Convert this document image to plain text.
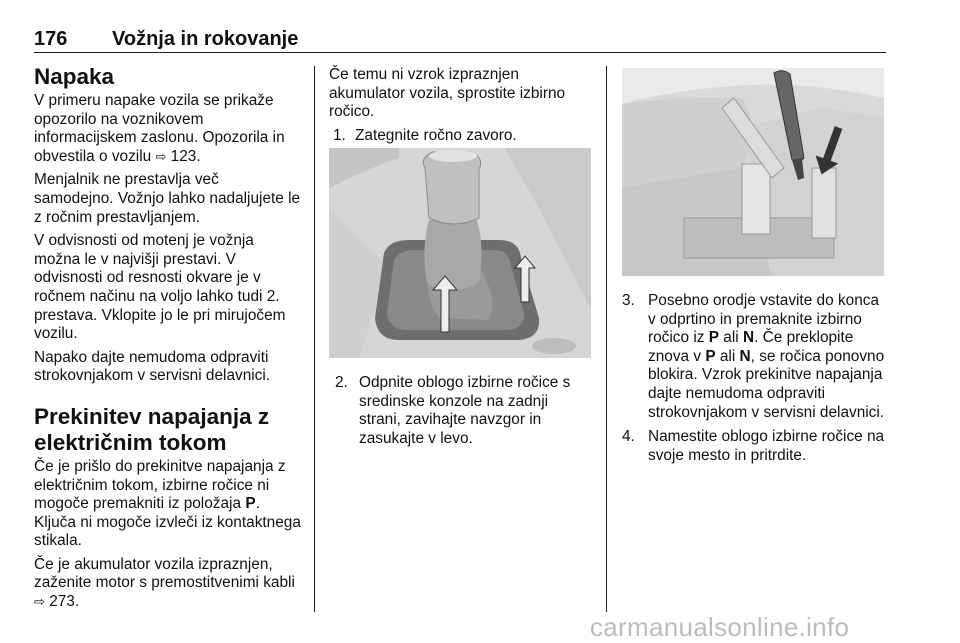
176 Vožnja in rokovanje
Napaka

V primeru napake vozila se prikaže opozorilo na voznikovem informacijskem zaslonu. Opozorila in obvestila o vozilu ⇨ 123.

Menjalnik ne prestavlja več samodejno. Vožnjo lahko nadaljujete le z ročnim prestavljanjem.

V odvisnosti od motenj je vožnja možna le v najvišji prestavi. V odvisnosti od resnosti okvare je v ročnem načinu na voljo lahko tudi 2. prestava. Vklopite jo le pri mirujočem vozilu.

Napako dajte nemudoma odpraviti strokovnjakom v servisni delavnici.

Prekinitev napajanja z električnim tokom

Če je prišlo do prekinitve napajanja z električnim tokom, izbirne ročice ni mogoče premakniti iz položaja P. Ključa ni mogoče izvleči iz kontaktnega stikala.

Če je akumulator vozila izpraznjen, zaženite motor s premostitvenimi kabli ⇨ 273.

Če temu ni vzrok izpraznjen akumulator vozila, sprostite izbirno ročico.

1. Zategnite ročno zavoro.
2. Odpnite oblogo izbirne ročice s sredinske konzole na zadnji strani, zavihajte navzgor in zasukajte v levo.
3. Posebno orodje vstavite do konca v odprtino in premaknite izbirno ročico iz P ali N. Če preklopite znova v P ali N, se ročica ponovno blokira. Vzrok prekinitve napajanja dajte nemudoma odpraviti strokovnjakom v servisni delavnici.
4. Namestite oblogo izbirne ročice na svoje mesto in pritrdite.
carmanualsonline.info
